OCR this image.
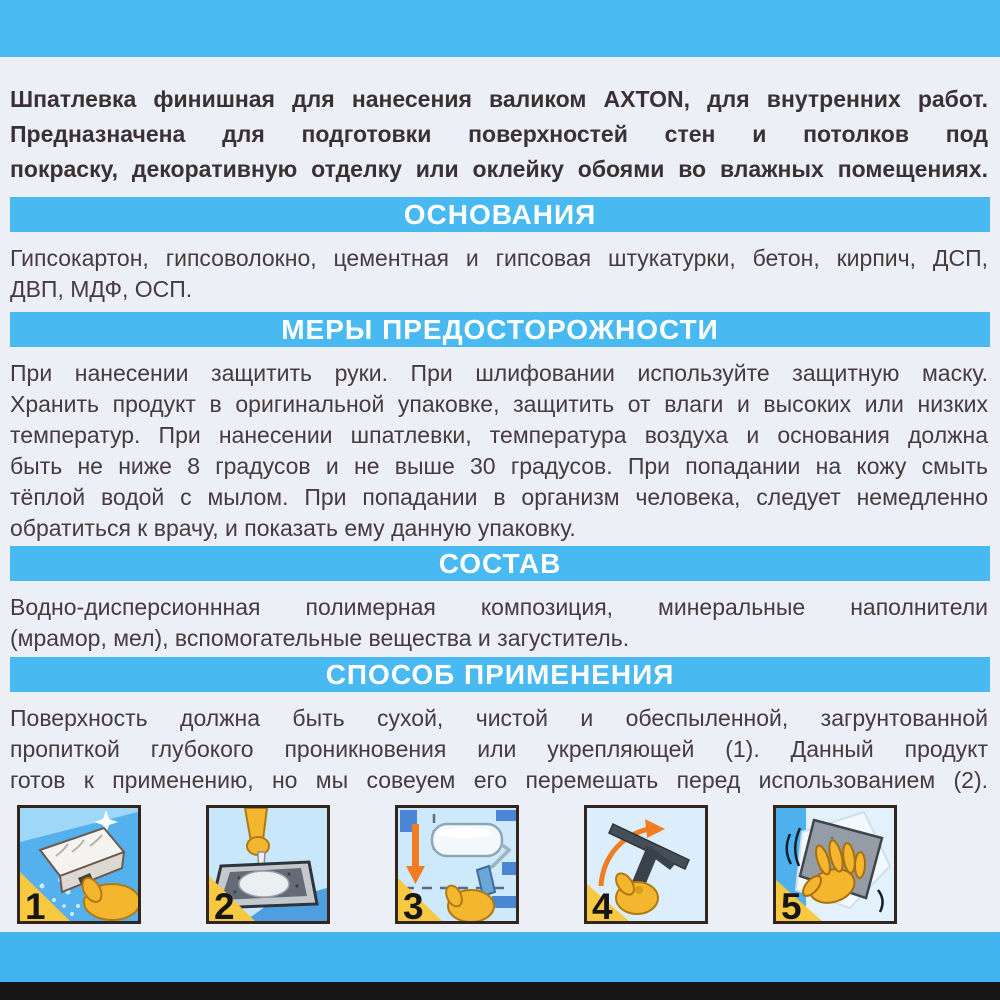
Шпатлевка финишная для нанесения валиком AXTON, для внутренних работ.
Предназначена для подготовки поверхностей стен и потолков под
покраску, декоративную отделку или оклейку обоями во влажных помещениях.
ОСНОВАНИЯ
Гипсокартон, гипсоволокно, цементная и гипсовая штукатурки, бетон, кирпич, ДСП,
ДВП, МДФ, ОСП.
МЕРЫ ПРЕДОСТОРОЖНОСТИ
При нанесении защитить руки. При шлифовании используйте защитную маску.
Хранить продукт в оригинальной упаковке, защитить от влаги и высоких или низких
температур. При нанесении шпатлевки, температура воздуха и основания должна
быть не ниже 8 градусов и не выше 30 градусов. При попадании на кожу смыть
тёплой водой с мылом. При попадании в организм человека, следует немедленно
обратиться к врачу, и показать ему данную упаковку.
СОСТАВ
Водно-дисперсионнная полимерная композиция, минеральные наполнители
(мрамор, мел), вспомогательные вещества и загуститель.
СПОСОБ ПРИМЕНЕНИЯ
Поверхность должна быть сухой, чистой и обеспыленной, загрунтованной
пропиткой глубокого проникновения или укрепляющей (1). Данный продукт
готов к применению, но мы совеуем его перемешать перед использованием (2).
1	2	3	4	5
